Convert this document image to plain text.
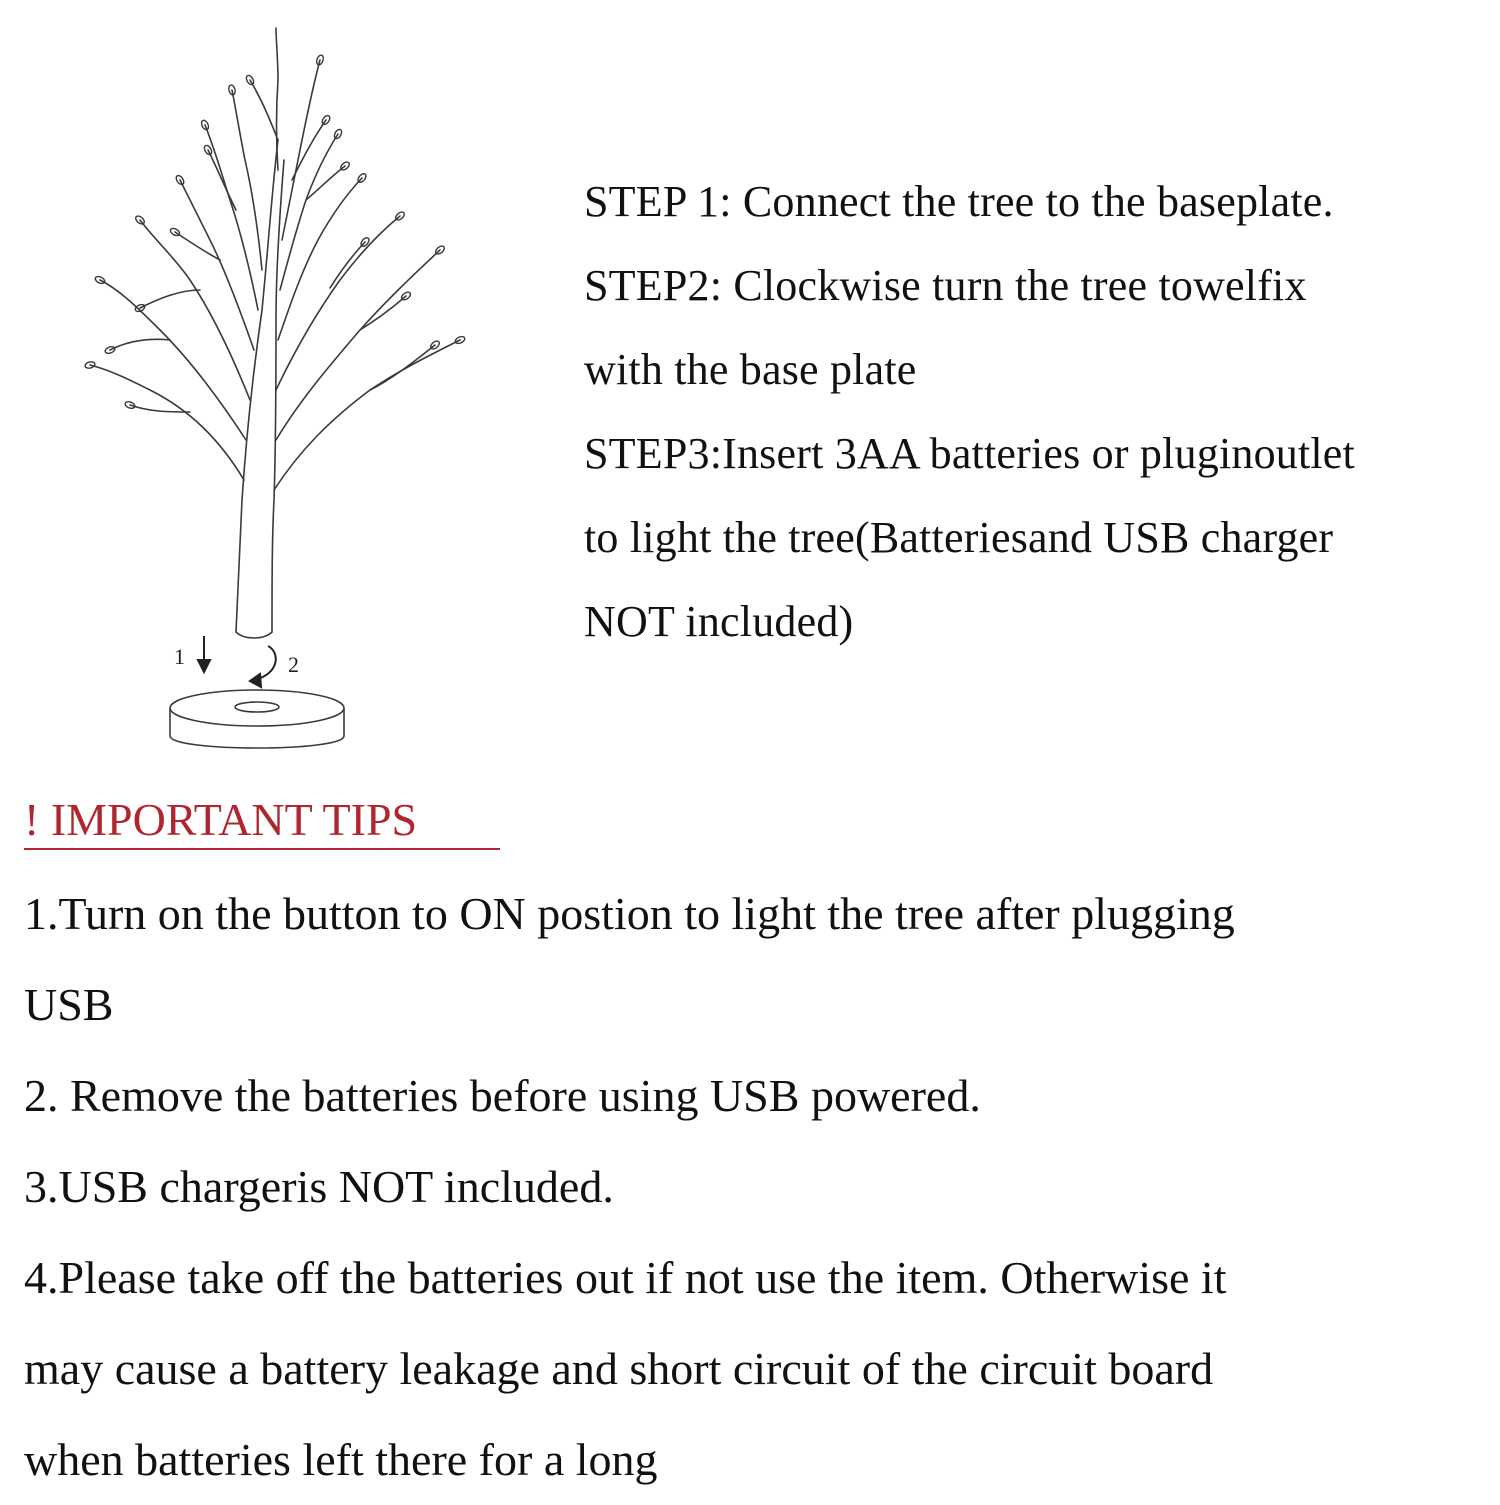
1	2
STEP 1: Connect the tree to the baseplate.
STEP2: Clockwise turn the tree towelfix
with the base plate
STEP3:Insert 3AA batteries or pluginoutlet
to light the tree(Batteriesand USB charger
NOT included)
! IMPORTANT TIPS
1.Turn on the button to ON postion to light the tree after plugging
USB
2. Remove the batteries before using USB powered.
3.USB chargeris NOT included.
4.Please take off the batteries out if not use the item. Otherwise it
may cause a battery leakage and short circuit of the circuit board
when batteries left there for a long
